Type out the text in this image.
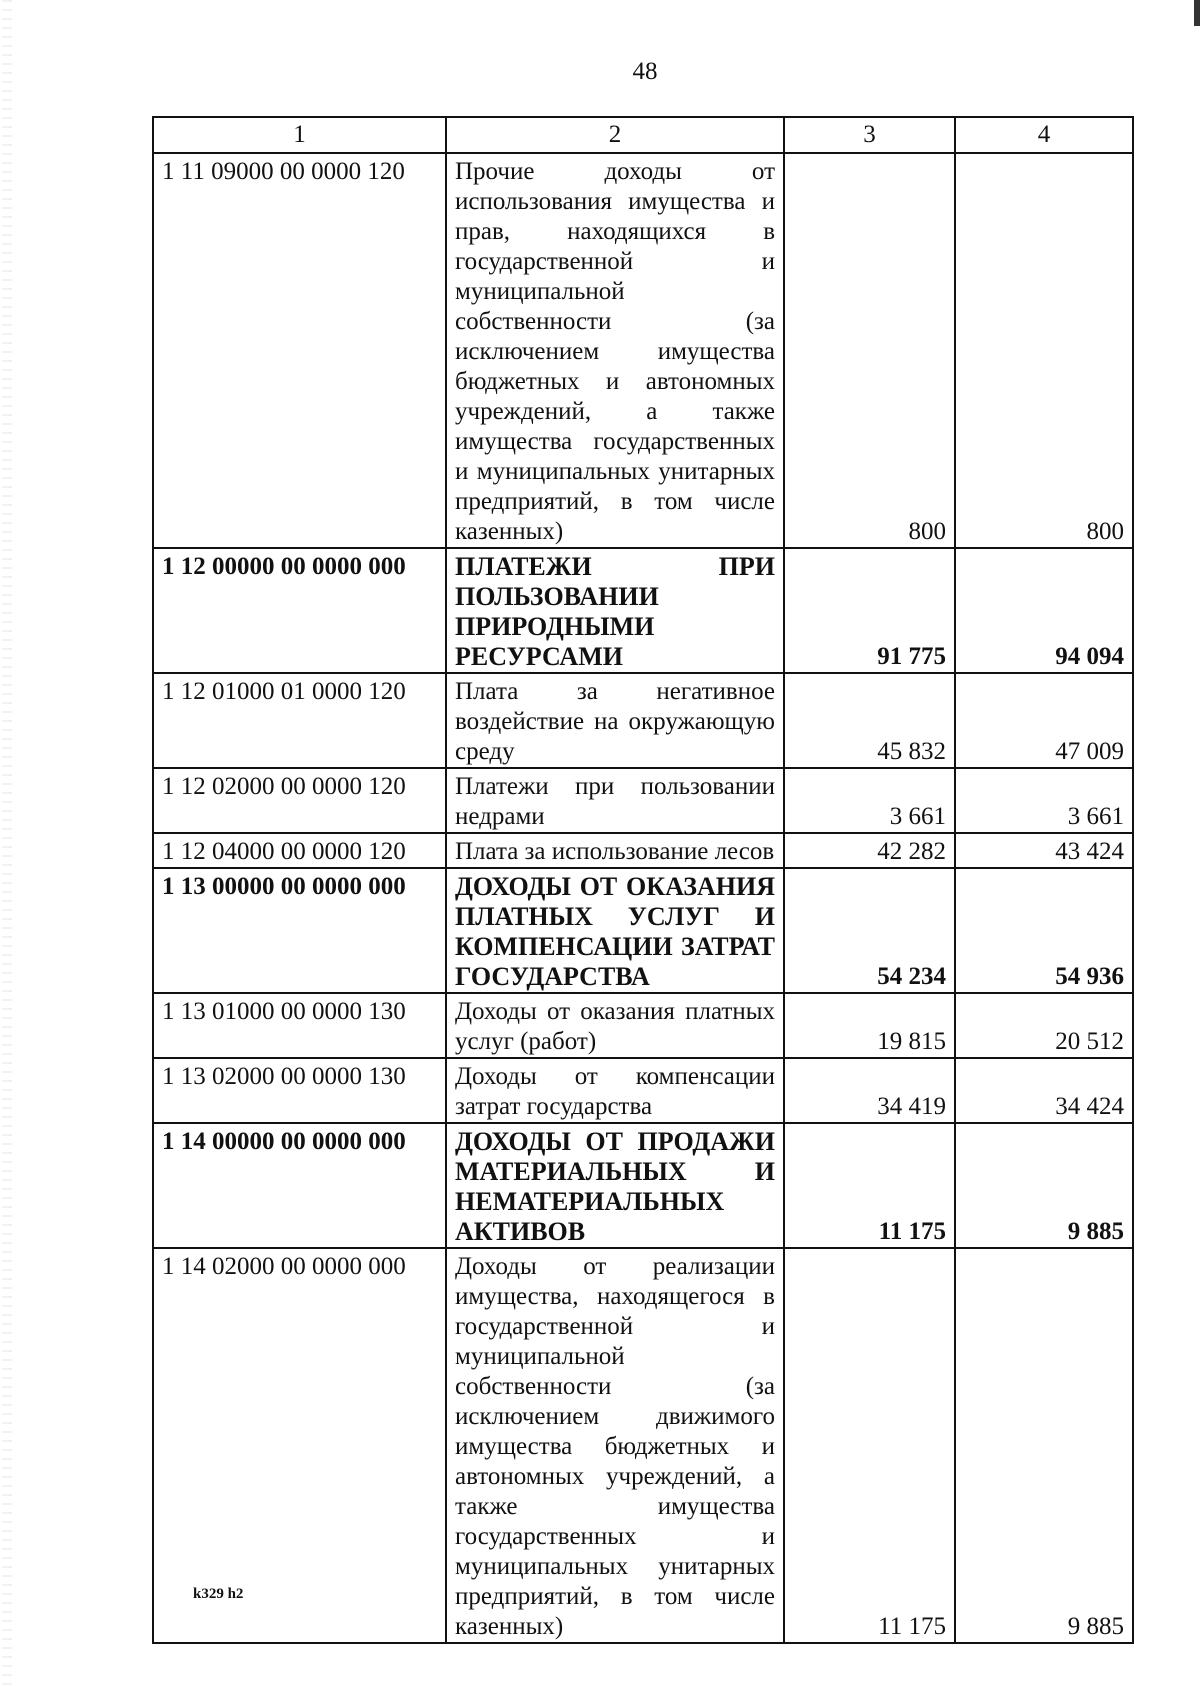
48
1	2	3	4
1 11 09000 00 0000 120	Прочие доходы от использования имущества и прав, находящихся в государственной и муниципальной собственности (за исключением имущества бюджетных и автономных учреждений, а также имущества государственных и муниципальных унитарных предприятий, в том числе казенных)	800	800
1 12 00000 00 0000 000	ПЛАТЕЖИ ПРИ ПОЛЬЗОВАНИИ ПРИРОДНЫМИ РЕСУРСАМИ	91 775	94 094
1 12 01000 01 0000 120	Плата за негативное воздействие на окружающую среду	45 832	47 009
1 12 02000 00 0000 120	Платежи при пользовании недрами	3 661	3 661
1 12 04000 00 0000 120	Плата за использование лесов	42 282	43 424
1 13 00000 00 0000 000	ДОХОДЫ ОТ ОКАЗАНИЯ ПЛАТНЫХ УСЛУГ И КОМПЕНСАЦИИ ЗАТРАТ ГОСУДАРСТВА	54 234	54 936
1 13 01000 00 0000 130	Доходы от оказания платных услуг (работ)	19 815	20 512
1 13 02000 00 0000 130	Доходы от компенсации затрат государства	34 419	34 424
1 14 00000 00 0000 000	ДОХОДЫ ОТ ПРОДАЖИ МАТЕРИАЛЬНЫХ И НЕМАТЕРИАЛЬНЫХ АКТИВОВ	11 175	9 885
1 14 02000 00 0000 000	Доходы от реализации имущества, находящегося в государственной и муниципальной собственности (за исключением движимого имущества бюджетных и автономных учреждений, а также имущества государственных и муниципальных унитарных предприятий, в том числе казенных)	11 175	9 885
k329 h2
